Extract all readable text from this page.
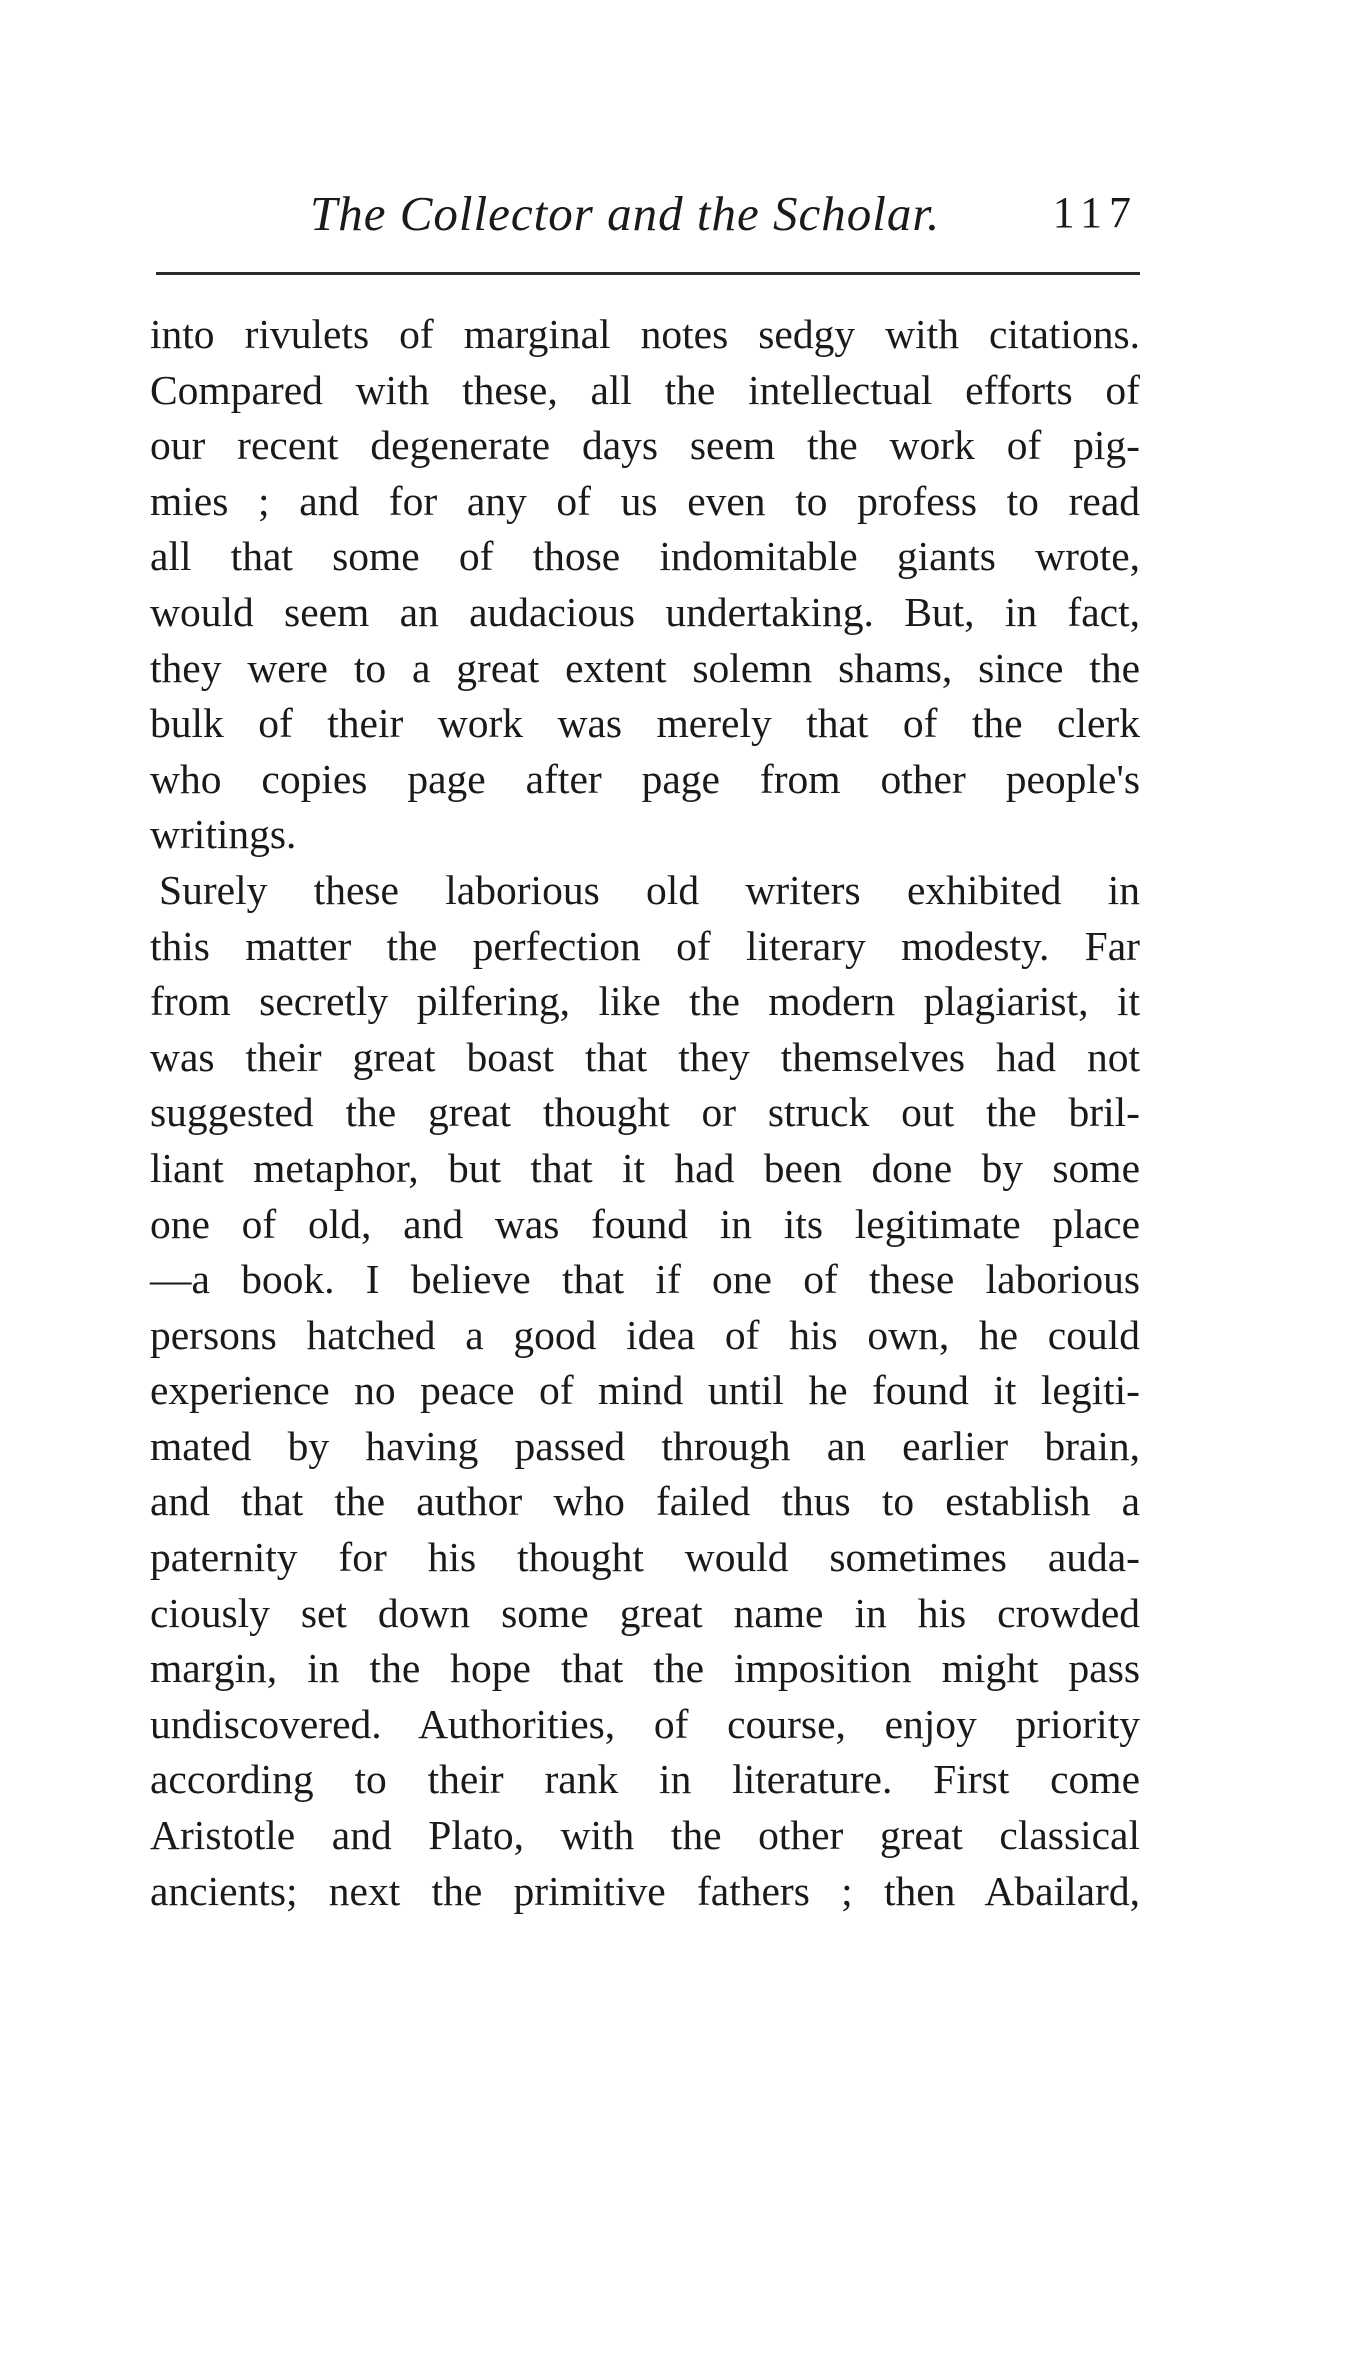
The Collector and the Scholar.	117
into rivulets of marginal notes sedgy with citations.
Compared with these, all the intellectual efforts of
our recent degenerate days seem the work of pig-
mies ; and for any of us even to profess to read
all that some of those indomitable giants wrote,
would seem an audacious undertaking. But, in fact,
they were to a great extent solemn shams, since the
bulk of their work was merely that of the clerk
who copies page after page from other people's
writings.
Surely these laborious old writers exhibited in
this matter the perfection of literary modesty. Far
from secretly pilfering, like the modern plagiarist, it
was their great boast that they themselves had not
suggested the great thought or struck out the bril-
liant metaphor, but that it had been done by some
one of old, and was found in its legitimate place
—a book. I believe that if one of these laborious
persons hatched a good idea of his own, he could
experience no peace of mind until he found it legiti-
mated by having passed through an earlier brain,
and that the author who failed thus to establish a
paternity for his thought would sometimes auda-
ciously set down some great name in his crowded
margin, in the hope that the imposition might pass
undiscovered. Authorities, of course, enjoy priority
according to their rank in literature. First come
Aristotle and Plato, with the other great classical
ancients; next the primitive fathers ; then Abailard,
